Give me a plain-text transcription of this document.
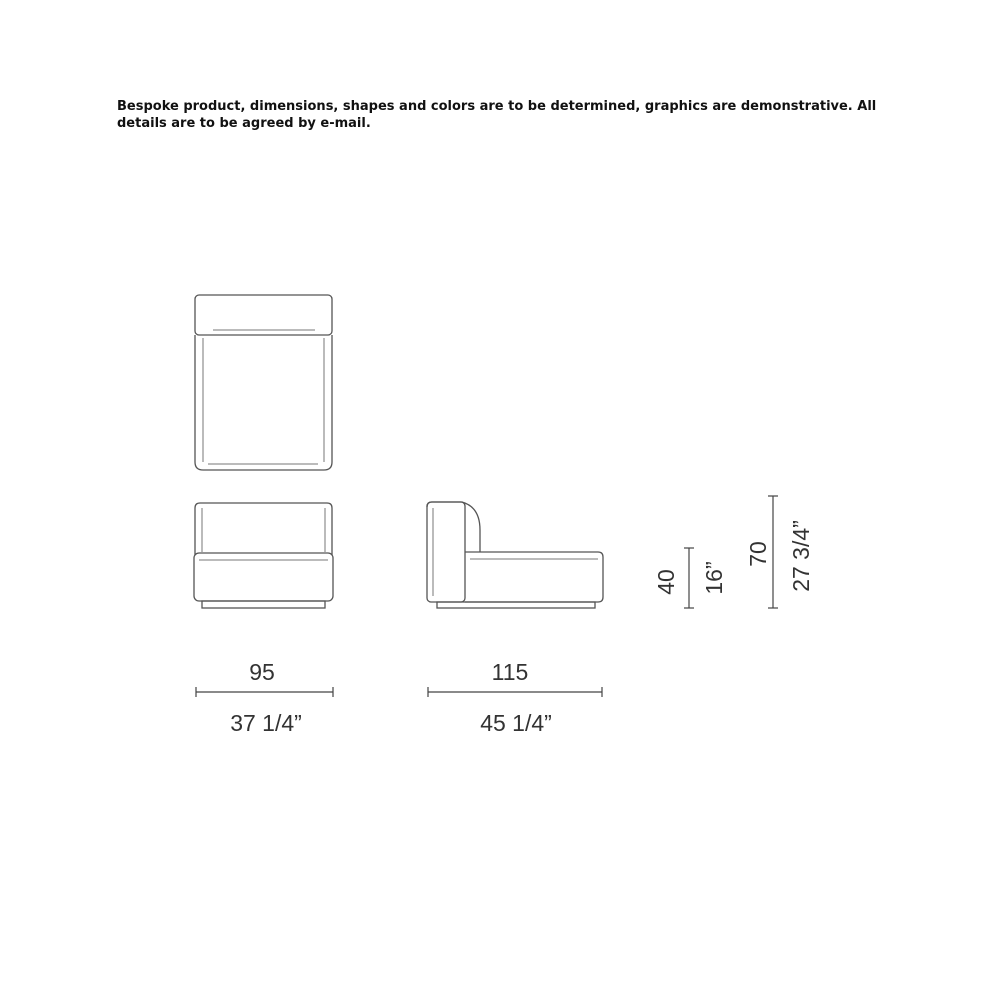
Bespoke product, dimensions, shapes and colors are to be determined, graphics are demonstrative. All details are to be agreed by e-mail.
95
37 1/4”
115
45 1/4”
40 16”
70 27 3/4”
